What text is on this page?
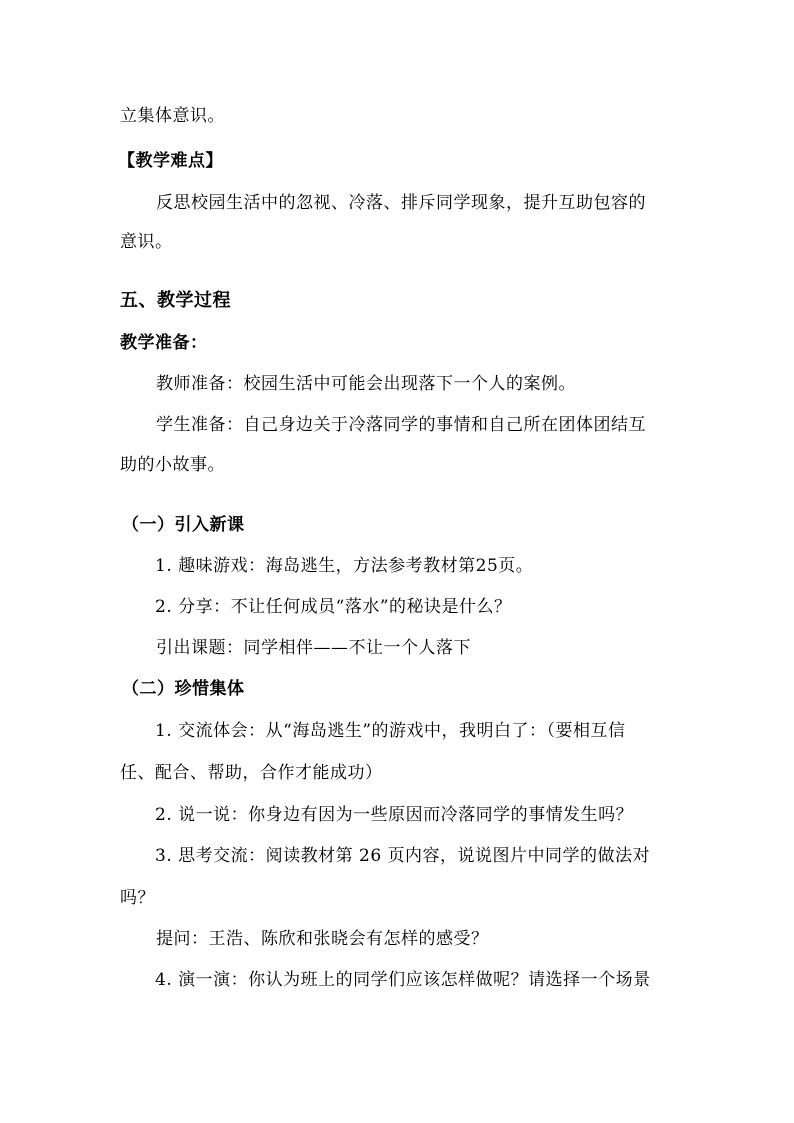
立集体意识。
【教学难点】
反思校园生活中的忽视、冷落、排斥同学现象，提升互助包容的
意识。
五、教学过程
教学准备：
教师准备：校园生活中可能会出现落下一个人的案例。
学生准备：自己身边关于冷落同学的事情和自己所在团体团结互
助的小故事。
（一）引入新课
1. 趣味游戏：海岛逃生，方法参考教材第25页。
2. 分享：不让任何成员“落水”的秘诀是什么？
引出课题：同学相伴——不让一个人落下
（二）珍惜集体
1. 交流体会：从“海岛逃生”的游戏中，我明白了：（要相互信
任、配合、帮助，合作才能成功）
2. 说一说：你身边有因为一些原因而冷落同学的事情发生吗？
3. 思考交流：阅读教材第 26 页内容，说说图片中同学的做法对
吗？
提问：王浩、陈欣和张晓会有怎样的感受？
4. 演一演：你认为班上的同学们应该怎样做呢？请选择一个场景
